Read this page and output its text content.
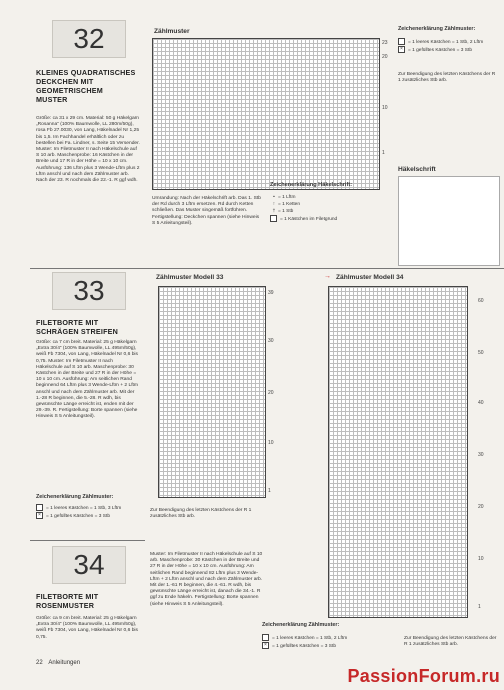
32
KLEINES QUADRATISCHES DECKCHEN MIT GEOMETRISCHEM MUSTER
Größe: ca 31 x 29 cm. Material: 50 g Häkelgarn „Rosanna“ (100% Baumwolle, LL 280m/50g), rosa Fb 27.0030, von Lang, Häkelnadel Nr 1,25 bis 1,5. Im Fachhandel erhältlich oder zu bestellen bei Fa. Lindner, s. Seite 15 Versender. Muster: Im Filetmuster II nach Häkelschule auf S 10 arb. Maschenprobe: 16 Kästchen in der Breite und 17 R in der Höhe = 10 x 10 cm. Ausführung: 136 Lftm plus 3 Wende-Lftm plus 2 Lftm anschl und nach dem Zählmuster arb. Nach der 23. R nochmals die 22.-1. R ggf wdh.
Zählmuster
23
20
10
1
Umrandung: Nach der Häkelschrift arb. Das 1. Stb der Rd durch 3 Lftm ersetzen. Rd durch Ketten schließen. Das Muster singemäß fortführen. Fertigstellung: Deckchen spannen (siehe Hinweis S 5 Anleitungsteil).
Zeichenerklärung Häkelschrift:
• = 1 Lftm
↑ = 1 Ketten
† = 1 Stb
= 1 Kästchen im Filetgrund
Zeichenerklärung Zählmuster:
= 1 leeres Kästchen = 1 Stb, 2 Lftm
× = 1 gefülltes Kästchen = 3 Stb
Zur Beendigung des letzten Kästchens der R 1 zusätzliches Stb arb.
Häkelschrift
33
FILETBORTE MIT SCHRÄGEN STREIFEN
Größe: ca 7 cm breit. Material: 25 g Häkelgarn „Extra 30/4“ (100% Baumwolle, LL 495m/50g), weiß Fb 7304, von Lang, Häkelnadel Nr 0,6 bis 0,75. Muster: Im Filetmuster II nach Häkelschule auf S 10 arb. Maschenprobe: 30 Kästchen in der Breite und 27 R in der Höhe = 10 x 10 cm. Ausführung: Am seitlichen Rand beginnend 64 Lftm plus 3 Wende-Lftm + 2 Lftm anschl und nach dem Zählmuster arb. Mit der 1.-28 R beginnen, die 5.-28. R wdh, bis gewünschte Länge erreicht ist, enden mit der 29.-39. R. Fertigstellung: Borte spannen (siehe Hinweis S 5 Anleitungsteil).
Zeichenerklärung Zählmuster:
= 1 leeres Kästchen = 1 Stb, 3 Lftm
× = 1 gefülltes Kästchen = 3 Stb
Zählmuster Modell 33
39
30
20
10
1
Zur Beendigung des letzten Kästchens der R 1 zusätzliches Stb arb.
34
FILETBORTE MIT ROSENMUSTER
Größe: ca 9 cm breit. Material: 25 g Häkelgarn „Extra 30/4“ (100% Baumwolle, LL 495m/50g), weiß Fb 7304, von Lang, Häkelnadel Nr 0,6 bis 0,75.
Muster: Im Filetmuster II nach Häkelschule auf S 10 arb. Maschenprobe: 30 Kästchen in der Breite und 27 R in der Höhe = 10 x 10 cm. Ausführung: Am seitlichen Rand beginnend 82 Lftm plus 3 Wende-Lftm + 2 Lftm anschl und nach dem Zählmuster arb. Mit der 1.-61 R beginnen, die 4.-61. R wdh, bis gewünschte Länge erreicht ist, danach die 34.-1. R ggf zu Ende häkeln. Fertigstellung: Borte spannen (siehe Hinweis S 5 Anleitungsteil).
Zählmuster Modell 34
→
60
50
40
30
20
10
1
Zeichenerklärung Zählmuster:
= 1 leeres Kästchen = 1 Stb, 2 Lftm
× = 1 gefülltes Kästchen = 3 Stb
Zur Beendigung des letzten Kästchens der R 1 zusätzliches Stb arb.
22 Anleitungen
PassionForum.ru
